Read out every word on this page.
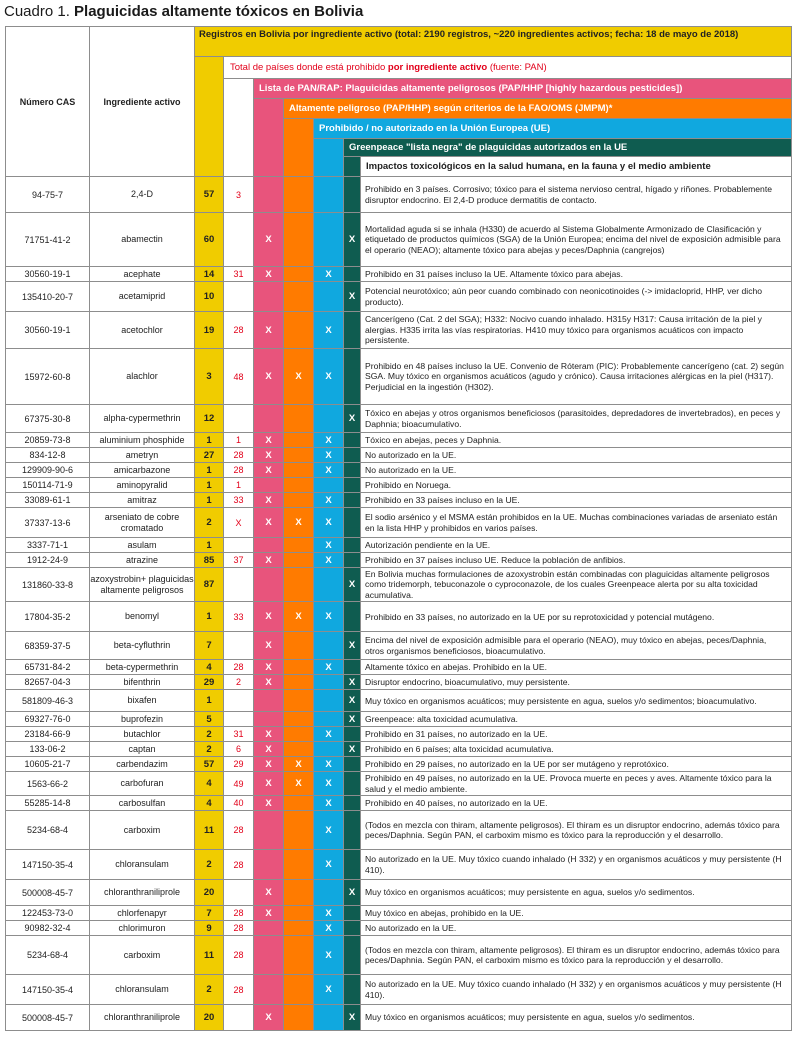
Cuadro 1. Plaguicidas altamente tóxicos en Bolivia
Número CAS	Ingrediente activo	Registros en Bolivia por ingrediente activo (total: 2190 registros, ~220 ingredientes activos; fecha: 18 de mayo de 2018)						
			Total de países donde está prohibido por ingrediente activo (fuente: PAN)					
				Lista de PAN/RAP: Plaguicidas altamente peligrosos (PAP/HHP [highly hazardous pesticides])				
					Altamente peligroso (PAP/HHP) según criterios de la FAO/OMS (JMPM)*			
						Prohibido / no autorizado en la Unión Europea (UE)		
							Greenpeace "lista negra" de plaguicidas autorizados en la UE	
								Impactos toxicológicos en la salud humana, en la fauna y el medio ambiente
94-75-7	2,4-D	57	3					Prohibido en 3 países. Corrosivo; tóxico para el sistema nervioso central, hígado y riñones. Probablemente disruptor endocrino. El 2,4-D produce dermatitis de contacto.
71751-41-2	abamectin	60		X			X	Mortalidad aguda si se inhala (H330) de acuerdo al Sistema Globalmente Armonizado de Clasificación y etiquetado de productos químicos (SGA) de la Unión Europea; encima del nivel de exposición admisible para el operario (NEAO); altamente tóxico para abejas y peces/Daphnia (cangrejos)
30560-19-1	acephate	14	31	X		X		Prohibido en 31 países incluso la UE. Altamente tóxico para abejas.
135410-20-7	acetamiprid	10					X	Potencial neurotóxico; aún peor cuando combinado con neonicotinoides (-> imidacloprid, HHP, ver dicho producto).
30560-19-1	acetochlor	19	28	X		X		Cancerígeno (Cat. 2 del SGA); H332: Nocivo cuando inhalado. H315y H317: Causa irritación de la piel y alergias. H335 irrita las vías respiratorias. H410 muy tóxico para organismos acuáticos con impacto persistente.
15972-60-8	alachlor	3	48	X	X	X		Prohibido en 48 países incluso la UE. Convenio de Róteram (PIC): Probablemente cancerígeno (cat. 2) según SGA. Muy tóxico en organismos acuáticos (agudo y crónico). Causa irritaciones alérgicas en la piel (H317). Perjudicial en la ingestión (H302).
67375-30-8	alpha-cypermethrin	12					X	Tóxico en abejas y otros organismos beneficiosos (parasitoides, depredadores de invertebrados), en peces y Daphnia; bioacumulativo.
20859-73-8	aluminium phosphide	1	1	X		X		Tóxico en abejas, peces y Daphnia.
834-12-8	ametryn	27	28	X		X		No autorizado en la UE.
129909-90-6	amicarbazone	1	28	X		X		No autorizado en la UE.
150114-71-9	aminopyralid	1	1					Prohibido en Noruega.
33089-61-1	amitraz	1	33	X		X		Prohibido en 33 países incluso en la UE.
37337-13-6	arseniato de cobre cromatado	2	X	X	X	X		El sodio arsénico y el MSMA están prohibidos en la UE. Muchas combinaciones variadas de arseniato están en la lista HHP y prohibidos en varios países.
3337-71-1	asulam	1				X		Autorización pendiente en la UE.
1912-24-9	atrazine	85	37	X		X		Prohibido en 37 países incluso UE. Reduce la población de anfibios.
131860-33-8	azoxystrobin+ plaguicidas altamente peligrosos	87					X	En Bolivia muchas formulaciones de azoxystrobin están combinadas con plaguicidas altamente peligrosos como tridemorph, tebuconazole o cyproconazole, de los cuales Greenpeace alerta por su alta toxicidad acumulativa.
17804-35-2	benomyl	1	33	X	X	X		Prohibido en 33 países, no autorizado en la UE por su reprotoxicidad y potencial mutágeno.
68359-37-5	beta-cyfluthrin	7		X			X	Encima del nivel de exposición admisible para el operario (NEAO), muy tóxico en abejas, peces/Daphnia, otros organismos beneficiosos, bioacumulativo.
65731-84-2	beta-cypermethrin	4	28	X		X		Altamente tóxico en abejas. Prohibido en la UE.
82657-04-3	bifenthrin	29	2	X			X	Disruptor endocrino, bioacumulativo, muy persistente.
581809-46-3	bixafen	1					X	Muy tóxico en organismos acuáticos; muy persistente en agua, suelos y/o sedimentos; bioacumulativo.
69327-76-0	buprofezin	5					X	Greenpeace: alta toxicidad acumulativa.
23184-66-9	butachlor	2	31	X		X		Prohibido en 31 países, no autorizado en la UE.
133-06-2	captan	2	6	X			X	Prohibido en 6 países; alta toxicidad acumulativa.
10605-21-7	carbendazim	57	29	X	X	X		Prohibido en 29 países, no autorizado en la UE por ser mutágeno y reprotóxico.
1563-66-2	carbofuran	4	49	X	X	X		Prohibido en 49 países, no autorizado en la UE. Provoca muerte en peces y aves. Altamente tóxico para la salud y el medio ambiente.
55285-14-8	carbosulfan	4	40	X		X		Prohibido en 40 países, no autorizado en la UE.
5234-68-4	carboxim	11	28			X		(Todos en mezcla con thiram, altamente peligrosos). El thiram es un disruptor endocrino, además tóxico para peces/Daphnia. Según PAN, el carboxim mismo es tóxico para la reproducción y el desarrollo.
147150-35-4	chloransulam	2	28			X		No autorizado en la UE. Muy tóxico cuando inhalado (H 332) y en organismos acuáticos y muy persistente (H 410).
500008-45-7	chloranthraniliprole	20		X			X	Muy tóxico en organismos acuáticos; muy persistente en agua, suelos y/o sedimentos.
122453-73-0	chlorfenapyr	7	28	X		X		Muy tóxico en abejas, prohibido en la UE.
90982-32-4	chlorimuron	9	28			X		No autorizado en la UE.
5234-68-4	carboxim	11	28			X		(Todos en mezcla con thiram, altamente peligrosos). El thiram es un disruptor endocrino, además tóxico para peces/Daphnia. Según PAN, el carboxim mismo es tóxico para la reproducción y el desarrollo.
147150-35-4	chloransulam	2	28			X		No autorizado en la UE. Muy tóxico cuando inhalado (H 332) y en organismos acuáticos y muy persistente (H 410).
500008-45-7	chloranthraniliprole	20		X			X	Muy tóxico en organismos acuáticos; muy persistente en agua, suelos y/o sedimentos.
